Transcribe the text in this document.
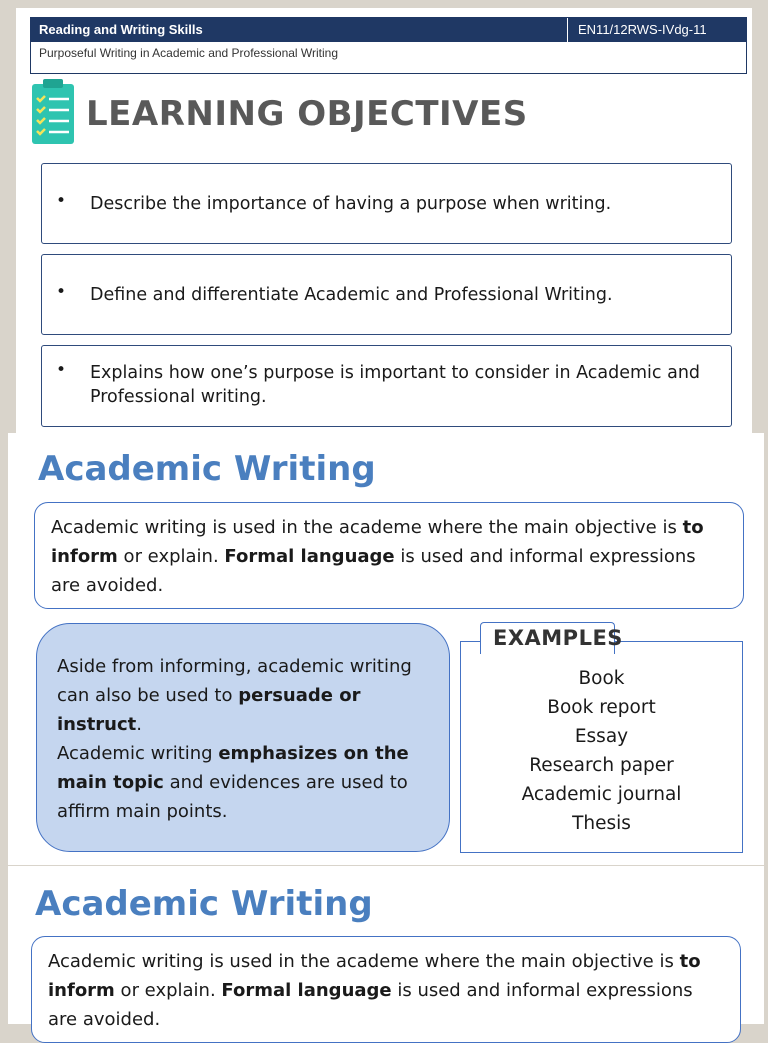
Reading and Writing Skills	EN11/12RWS-IVdg-11
Purposeful Writing in Academic and Professional Writing
LEARNING OBJECTIVES
• Describe the importance of having a purpose when writing.
• Define and differentiate Academic and Professional Writing.
• Explains how one’s purpose is important to consider in Academic and Professional writing.
Academic Writing
Academic writing is used in the academe where the main objective is to inform or explain. Formal language is used and informal expressions are avoided.

Aside from informing, academic writing can also be used to persuade or instruct.

Academic writing emphasizes on the main topic and evidences are used to affirm main points.

Book
Book report
Essay
Research paper
Academic journal
Thesis
EXAMPLES
Academic Writing
Academic writing is used in the academe where the main objective is to inform or explain. Formal language is used and informal expressions are avoided.
